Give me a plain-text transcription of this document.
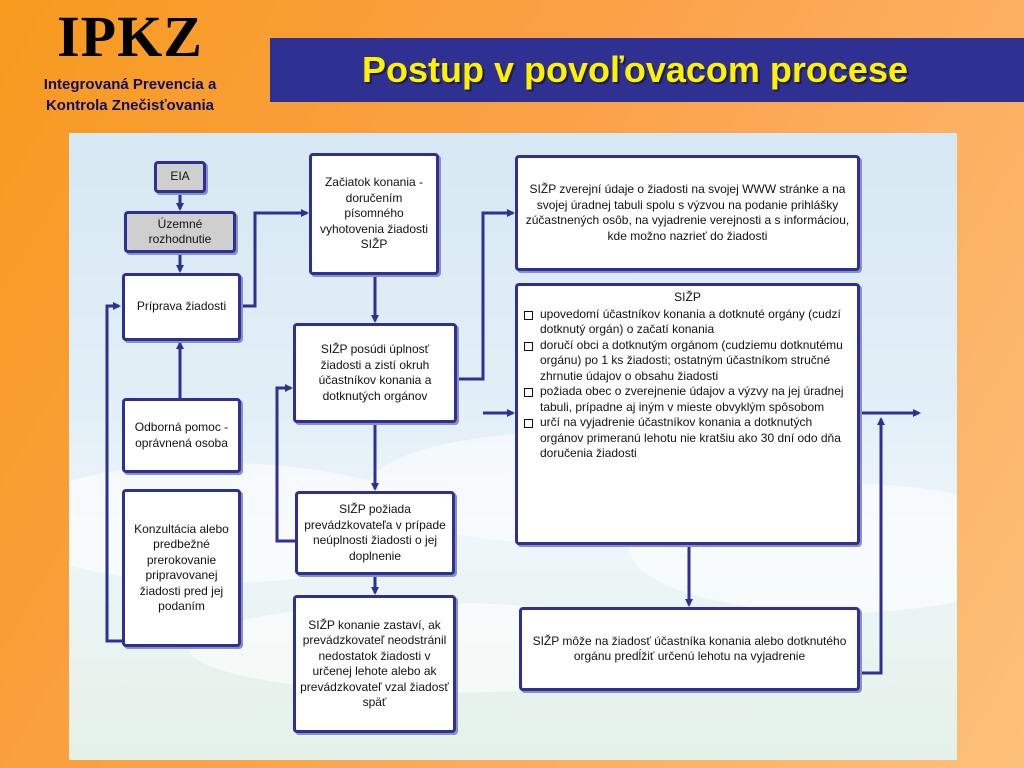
IPKZ
Integrovaná Prevencia a
Kontrola Znečisťovania
Postup v povoľovacom procese
EIA
Územné rozhodnutie
Príprava žiadosti
Odborná pomoc - oprávnená osoba
Konzultácia alebo predbežné prerokovanie pripravovanej žiadosti pred jej podaním
Začiatok konania - doručením písomného vyhotovenia žiadosti SIŽP
SIŽP posúdi úplnosť žiadosti a zistí okruh účastníkov konania a dotknutých orgánov
SIŽP požiada prevádzkovateľa v prípade neúplnosti žiadosti o jej doplnenie
SIŽP konanie zastaví, ak prevádzkovateľ neodstránil nedostatok žiadosti v určenej lehote alebo ak prevádzkovateľ vzal žiadosť späť
SIŽP zverejní údaje o žiadosti na svojej WWW stránke a na svojej úradnej tabuli spolu s výzvou na podanie prihlášky zúčastnených osôb, na vyjadrenie verejnosti a s informáciou, kde možno nazrieť do žiadosti
SIŽP
upovedomí účastníkov konania a dotknuté orgány (cudzí dotknutý orgán) o začatí konania
doručí obci a dotknutým orgánom (cudziemu dotknutému orgánu) po 1 ks žiadosti; ostatným účastníkom stručné zhrnutie údajov o obsahu žiadosti
požiada obec o zverejnenie údajov a výzvy na jej úradnej tabuli, prípadne aj iným v mieste obvyklým spôsobom
určí na vyjadrenie účastníkov konania a dotknutých orgánov primeranú lehotu nie kratšiu ako 30 dní odo dňa doručenia žiadosti
SIŽP môže na žiadosť účastníka konania alebo dotknutého orgánu predĺžiť určenú lehotu na vyjadrenie
